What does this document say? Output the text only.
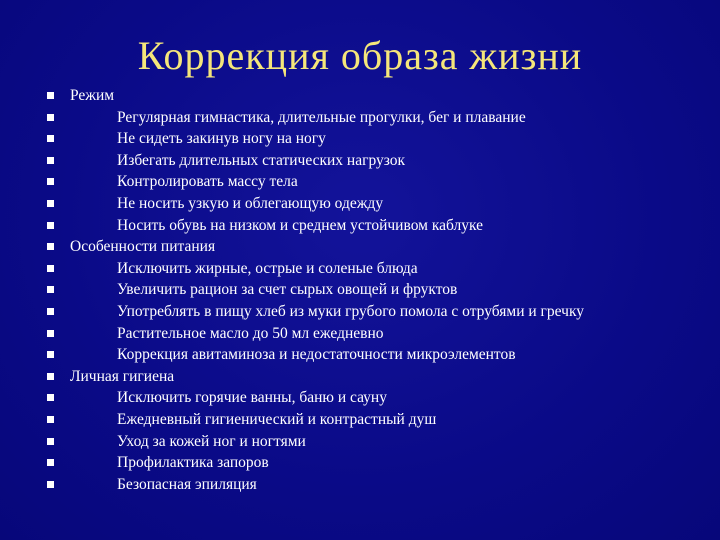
Коррекция образа жизни
Режим
Регулярная гимнастика, длительные прогулки, бег и плавание
Не сидеть закинув ногу на ногу
Избегать длительных статических нагрузок
Контролировать массу тела
Не носить узкую и облегающую одежду
Носить обувь на низком и среднем устойчивом каблуке
Особенности питания
Исключить жирные, острые и соленые блюда
Увеличить рацион за счет сырых овощей и фруктов
Употреблять в пищу хлеб из муки грубого помола с отрубями и гречку
Растительное масло до 50 мл ежедневно
Коррекция авитаминоза и недостаточности микроэлементов
Личная гигиена
Исключить горячие ванны, баню и сауну
Ежедневный гигиенический и контрастный душ
Уход за кожей ног и ногтями
Профилактика запоров
Безопасная эпиляция
